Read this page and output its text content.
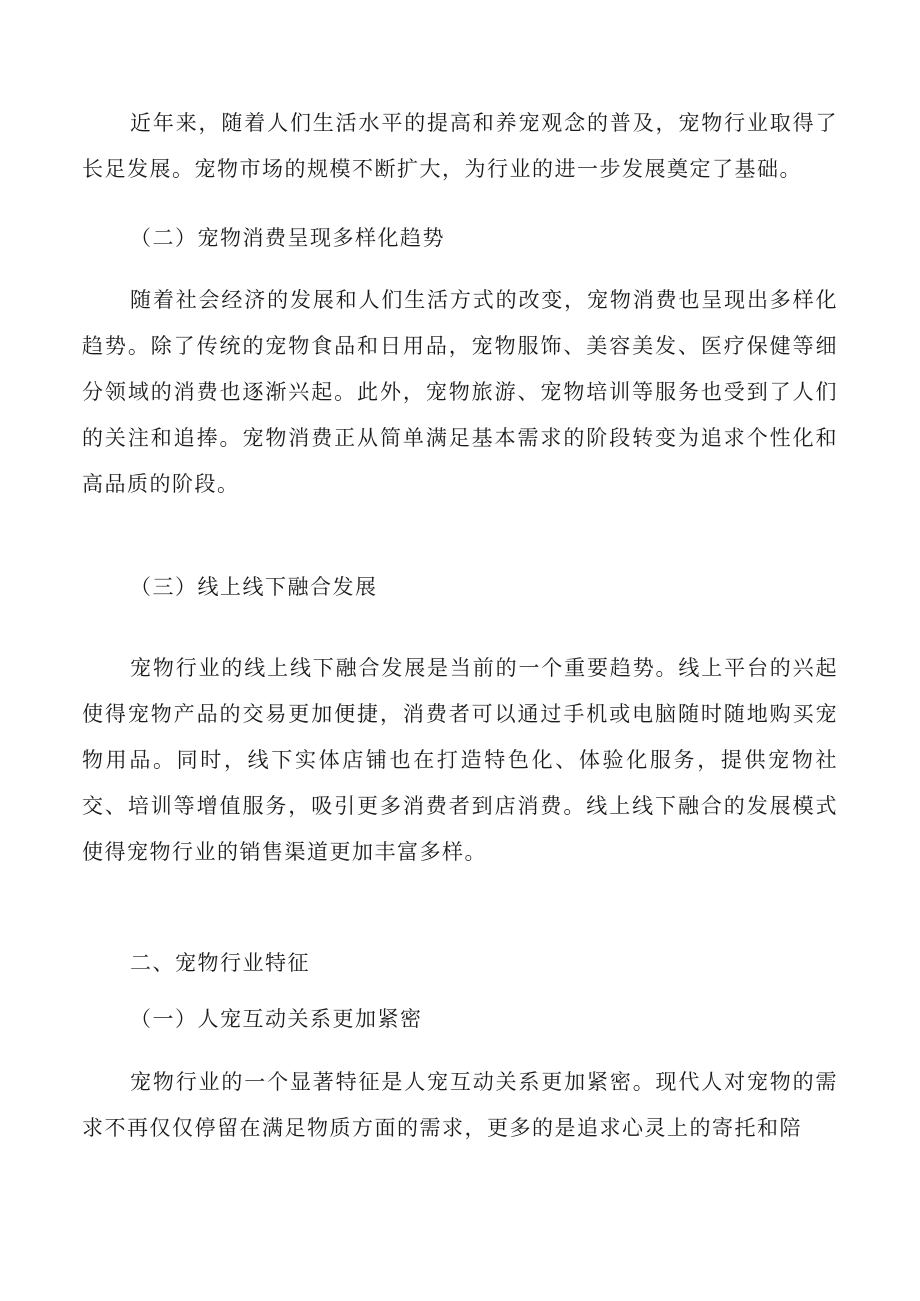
近年来，随着人们生活水平的提高和养宠观念的普及，宠物行业取得了长足发展。宠物市场的规模不断扩大，为行业的进一步发展奠定了基础。

（二）宠物消费呈现多样化趋势

随着社会经济的发展和人们生活方式的改变，宠物消费也呈现出多样化趋势。除了传统的宠物食品和日用品，宠物服饰、美容美发、医疗保健等细分领域的消费也逐渐兴起。此外，宠物旅游、宠物培训等服务也受到了人们的关注和追捧。宠物消费正从简单满足基本需求的阶段转变为追求个性化和高品质的阶段。

（三）线上线下融合发展

宠物行业的线上线下融合发展是当前的一个重要趋势。线上平台的兴起使得宠物产品的交易更加便捷，消费者可以通过手机或电脑随时随地购买宠物用品。同时，线下实体店铺也在打造特色化、体验化服务，提供宠物社交、培训等增值服务，吸引更多消费者到店消费。线上线下融合的发展模式使得宠物行业的销售渠道更加丰富多样。

二、宠物行业特征
（一）人宠互动关系更加紧密

宠物行业的一个显著特征是人宠互动关系更加紧密。现代人对宠物的需求不再仅仅停留在满足物质方面的需求，更多的是追求心灵上的寄托和陪
